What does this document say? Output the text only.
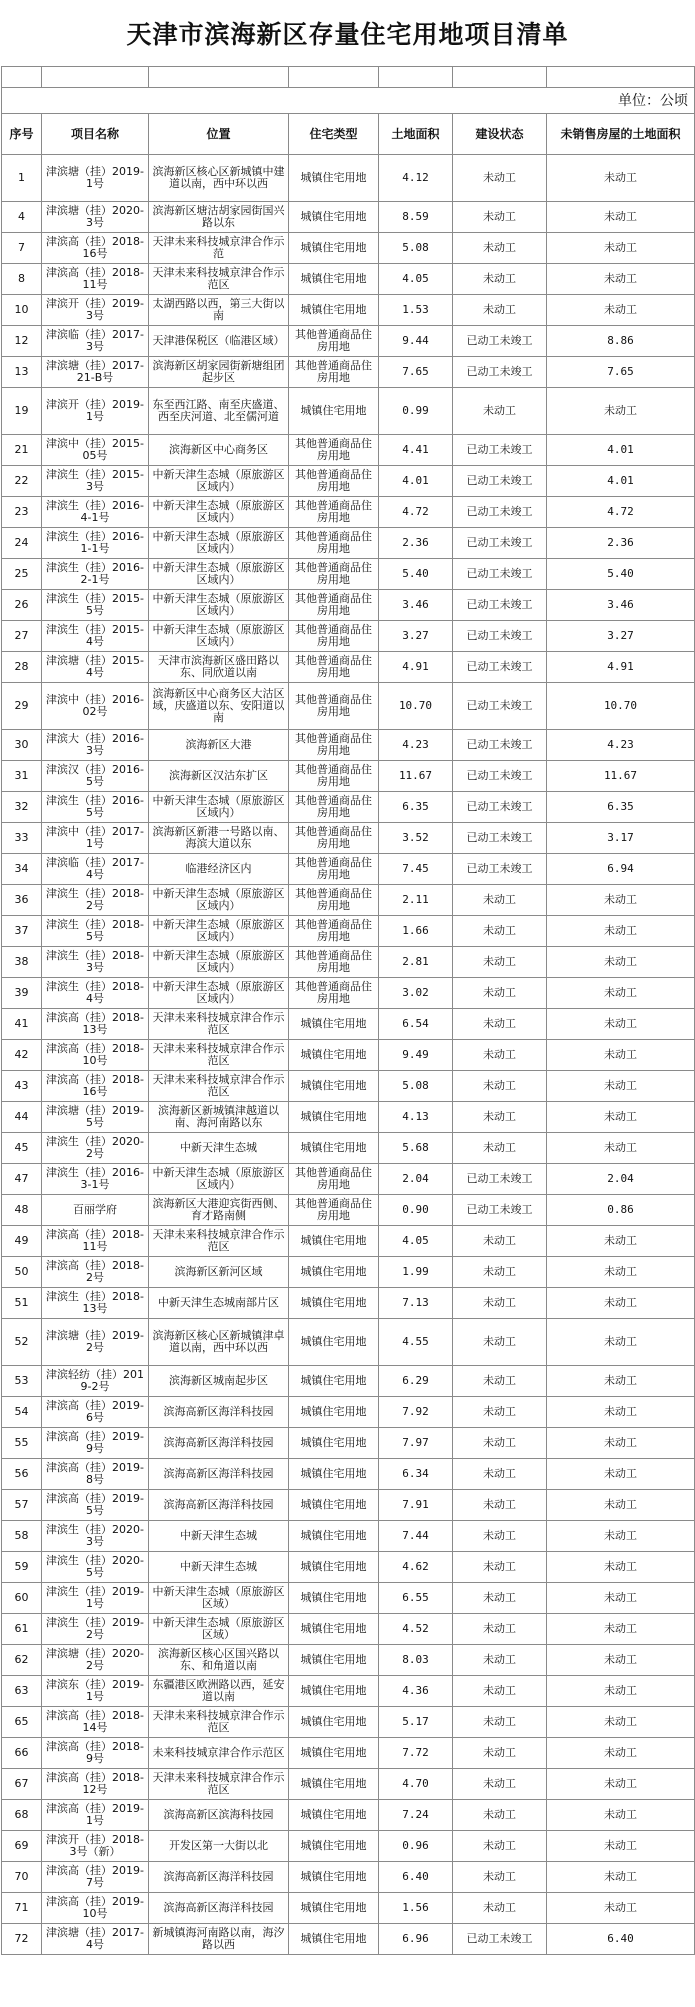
天津市滨海新区存量住宅用地项目清单

单位：公顷						
序号	项目名称	位置	住宅类型	土地面积	建设状态	未销售房屋的土地面积
1	津滨塘（挂）2019-1号	滨海新区核心区新城镇中建道以南，西中环以西	城镇住宅用地	4.12	未动工	未动工
4	津滨塘（挂）2020-3号	滨海新区塘沽胡家园街国兴路以东	城镇住宅用地	8.59	未动工	未动工
7	津滨高（挂）2018-16号	天津未来科技城京津合作示范	城镇住宅用地	5.08	未动工	未动工
8	津滨高（挂）2018-11号	天津未来科技城京津合作示范区	城镇住宅用地	4.05	未动工	未动工
10	津滨开（挂）2019-3号	太湖西路以西，第三大街以南	城镇住宅用地	1.53	未动工	未动工
12	津滨临（挂）2017-3号	天津港保税区（临港区域）	其他普通商品住房用地	9.44	已动工未竣工	8.86
13	津滨塘（挂）2017-21-B号	滨海新区胡家园街新塘组团起步区	其他普通商品住房用地	7.65	已动工未竣工	7.65
19	津滨开（挂）2019-1号	东至西江路、南至庆盛道、西至庆河道、北至儒河道	城镇住宅用地	0.99	未动工	未动工
21	津滨中（挂）2015-05号	滨海新区中心商务区	其他普通商品住房用地	4.41	已动工未竣工	4.01
22	津滨生（挂）2015-3号	中新天津生态城（原旅游区区域内）	其他普通商品住房用地	4.01	已动工未竣工	4.01
23	津滨生（挂）2016-4-1号	中新天津生态城（原旅游区区域内）	其他普通商品住房用地	4.72	已动工未竣工	4.72
24	津滨生（挂）2016-1-1号	中新天津生态城（原旅游区区域内）	其他普通商品住房用地	2.36	已动工未竣工	2.36
25	津滨生（挂）2016-2-1号	中新天津生态城（原旅游区区域内）	其他普通商品住房用地	5.40	已动工未竣工	5.40
26	津滨生（挂）2015-5号	中新天津生态城（原旅游区区域内）	其他普通商品住房用地	3.46	已动工未竣工	3.46
27	津滨生（挂）2015-4号	中新天津生态城（原旅游区区域内）	其他普通商品住房用地	3.27	已动工未竣工	3.27
28	津滨塘（挂）2015-4号	天津市滨海新区盛田路以东、同欣道以南	其他普通商品住房用地	4.91	已动工未竣工	4.91
29	津滨中（挂）2016-02号	滨海新区中心商务区大沽区域，庆盛道以东、安阳道以南	其他普通商品住房用地	10.70	已动工未竣工	10.70
30	津滨大（挂）2016-3号	滨海新区大港	其他普通商品住房用地	4.23	已动工未竣工	4.23
31	津滨汉（挂）2016-5号	滨海新区汉沽东扩区	其他普通商品住房用地	11.67	已动工未竣工	11.67
32	津滨生（挂）2016-5号	中新天津生态城（原旅游区区域内）	其他普通商品住房用地	6.35	已动工未竣工	6.35
33	津滨中（挂）2017-1号	滨海新区新港一号路以南、海滨大道以东	其他普通商品住房用地	3.52	已动工未竣工	3.17
34	津滨临（挂）2017-4号	临港经济区内	其他普通商品住房用地	7.45	已动工未竣工	6.94
36	津滨生（挂）2018-2号	中新天津生态城（原旅游区区域内）	其他普通商品住房用地	2.11	未动工	未动工
37	津滨生（挂）2018-5号	中新天津生态城（原旅游区区域内）	其他普通商品住房用地	1.66	未动工	未动工
38	津滨生（挂）2018-3号	中新天津生态城（原旅游区区域内）	其他普通商品住房用地	2.81	未动工	未动工
39	津滨生（挂）2018-4号	中新天津生态城（原旅游区区域内）	其他普通商品住房用地	3.02	未动工	未动工
41	津滨高（挂）2018-13号	天津未来科技城京津合作示范区	城镇住宅用地	6.54	未动工	未动工
42	津滨高（挂）2018-10号	天津未来科技城京津合作示范区	城镇住宅用地	9.49	未动工	未动工
43	津滨高（挂）2018-16号	天津未来科技城京津合作示范区	城镇住宅用地	5.08	未动工	未动工
44	津滨塘（挂）2019-5号	滨海新区新城镇津越道以南、海河南路以东	城镇住宅用地	4.13	未动工	未动工
45	津滨生（挂）2020-2号	中新天津生态城	城镇住宅用地	5.68	未动工	未动工
47	津滨生（挂）2016-3-1号	中新天津生态城（原旅游区区域内）	其他普通商品住房用地	2.04	已动工未竣工	2.04
48	百丽学府	滨海新区大港迎宾街西侧、育才路南侧	其他普通商品住房用地	0.90	已动工未竣工	0.86
49	津滨高（挂）2018-11号	天津未来科技城京津合作示范区	城镇住宅用地	4.05	未动工	未动工
50	津滨高（挂）2018-2号	滨海新区新河区域	城镇住宅用地	1.99	未动工	未动工
51	津滨生（挂）2018-13号	中新天津生态城南部片区	城镇住宅用地	7.13	未动工	未动工
52	津滨塘（挂）2019-2号	滨海新区核心区新城镇津卓道以南，西中环以西	城镇住宅用地	4.55	未动工	未动工
53	津滨轻纺（挂）2019-2号	滨海新区城南起步区	城镇住宅用地	6.29	未动工	未动工
54	津滨高（挂）2019-6号	滨海高新区海洋科技园	城镇住宅用地	7.92	未动工	未动工
55	津滨高（挂）2019-9号	滨海高新区海洋科技园	城镇住宅用地	7.97	未动工	未动工
56	津滨高（挂）2019-8号	滨海高新区海洋科技园	城镇住宅用地	6.34	未动工	未动工
57	津滨高（挂）2019-5号	滨海高新区海洋科技园	城镇住宅用地	7.91	未动工	未动工
58	津滨生（挂）2020-3号	中新天津生态城	城镇住宅用地	7.44	未动工	未动工
59	津滨生（挂）2020-5号	中新天津生态城	城镇住宅用地	4.62	未动工	未动工
60	津滨生（挂）2019-1号	中新天津生态城（原旅游区区域）	城镇住宅用地	6.55	未动工	未动工
61	津滨生（挂）2019-2号	中新天津生态城（原旅游区区域）	城镇住宅用地	4.52	未动工	未动工
62	津滨塘（挂）2020-2号	滨海新区核心区国兴路以东、和角道以南	城镇住宅用地	8.03	未动工	未动工
63	津滨东（挂）2019-1号	东疆港区欧洲路以西，延安道以南	城镇住宅用地	4.36	未动工	未动工
65	津滨高（挂）2018-14号	天津未来科技城京津合作示范区	城镇住宅用地	5.17	未动工	未动工
66	津滨高（挂）2018-9号	未来科技城京津合作示范区	城镇住宅用地	7.72	未动工	未动工
67	津滨高（挂）2018-12号	天津未来科技城京津合作示范区	城镇住宅用地	4.70	未动工	未动工
68	津滨高（挂）2019-1号	滨海高新区滨海科技园	城镇住宅用地	7.24	未动工	未动工
69	津滨开（挂）2018-3号（新）	开发区第一大街以北	城镇住宅用地	0.96	未动工	未动工
70	津滨高（挂）2019-7号	滨海高新区海洋科技园	城镇住宅用地	6.40	未动工	未动工
71	津滨高（挂）2019-10号	滨海高新区海洋科技园	城镇住宅用地	1.56	未动工	未动工
72	津滨塘（挂）2017-4号	新城镇海河南路以南，海汐路以西	城镇住宅用地	6.96	已动工未竣工	6.40
